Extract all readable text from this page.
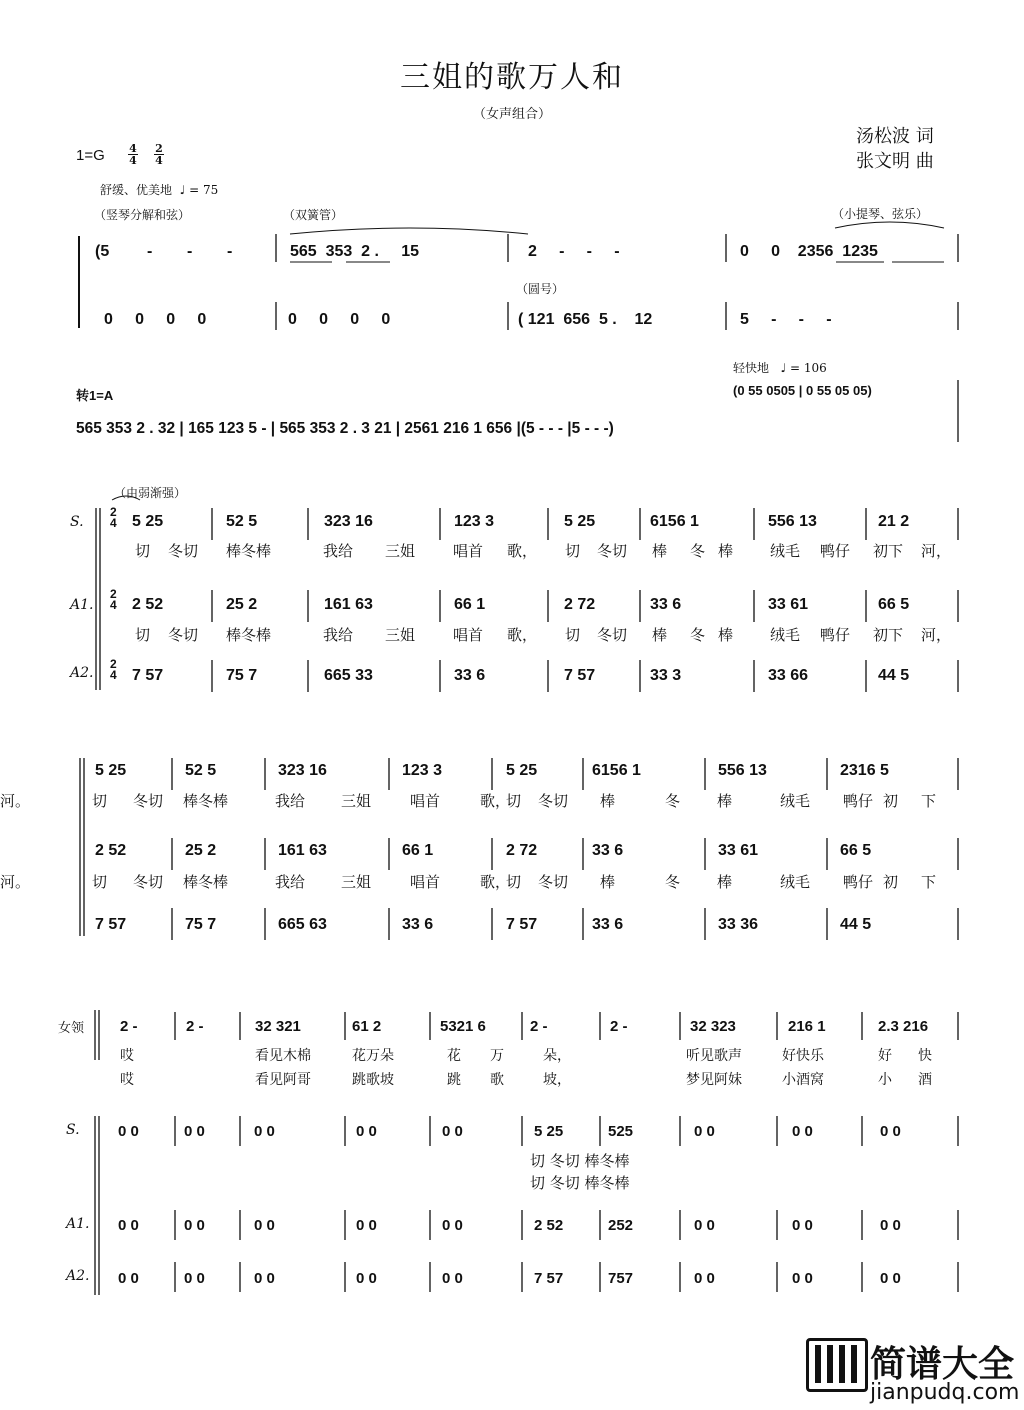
三姐的歌万人和
（女声组合）
汤松波 词
张文明 曲
1=G 4
4
2
4
舒缓、优美地  ♩ = 75
（竖琴分解和弦）	（双簧管）	（小提琴、弦乐）
（圆号）
(5 - - -	565  353  2 .     15	2     -     -     -	0     0    2356  1235
0     0     0     0	0     0     0     0	( 121  656  5 .    12	5     -     -     -
轻快地   ♩ = 106
转1=A	(0 55 0505 | 0 55 05 05)
565 353 2 . 32 | 165 123 5 - | 565 353 2 . 3 21 | 2561 216 1 656 |(5 - - - |5 - - -)
（由弱渐强）
S.
A1.
A2.
2
4
2
4
2
4
5 25	52 5	323 16	123 3	5 25	6156 1	556 13	21 2
2 52	25 2	161 63	66 1	2 72	33 6	33 61	66 5
7 57	75 7	665 33	33 6	7 57	33 3	33 66	44 5
切 冬切 棒冬棒	我给 三姐	唱首 歌， 切 冬切 棒 冬 棒 绒毛 鸭仔 初下 河，
切 冬切 棒冬棒	我给 三姐	唱首 歌， 切 冬切 棒 冬 棒 绒毛 鸭仔 初下 河，
5 25	52 5	323 16	123 3	5 25	6156 1	556 13	2316 5
2 52	25 2	161 63	66 1	2 72	33 6	33 61	66 5
7 57	75 7	665 63	33 6	7 57	33 6	33 36	44 5
切 冬切 棒冬棒	我给 三姐	唱首	歌，
切 冬切 棒	冬 棒	绒毛 鸭仔 初 下
河。
切 冬切 棒冬棒	我给 三姐	唱首	歌，
切 冬切 棒	冬 棒	绒毛 鸭仔 初 下
河。
女领
S.
A1.
A2.
2 -	2 -	32 321	61 2	5321 6	2 -	2 -	32 323	216 1	2.3 216
哎	看见木棉	花万朵	花 万	朵，	听见歌声	好快乐	好 快
哎	看见阿哥	跳歌坡	跳 歌	坡，	梦见阿妹	小酒窝	小 酒
0 0	0 0	0 0	0 0	0 0	5 25	525	0 0	0 0	0 0
0 0	0 0	0 0	0 0	0 0	2 52	252	0 0	0 0	0 0
0 0	0 0	0 0	0 0	0 0	7 57	757	0 0	0 0	0 0
切 冬切 棒冬棒
切 冬切 棒冬棒
简谱大全
jianpudq.com
